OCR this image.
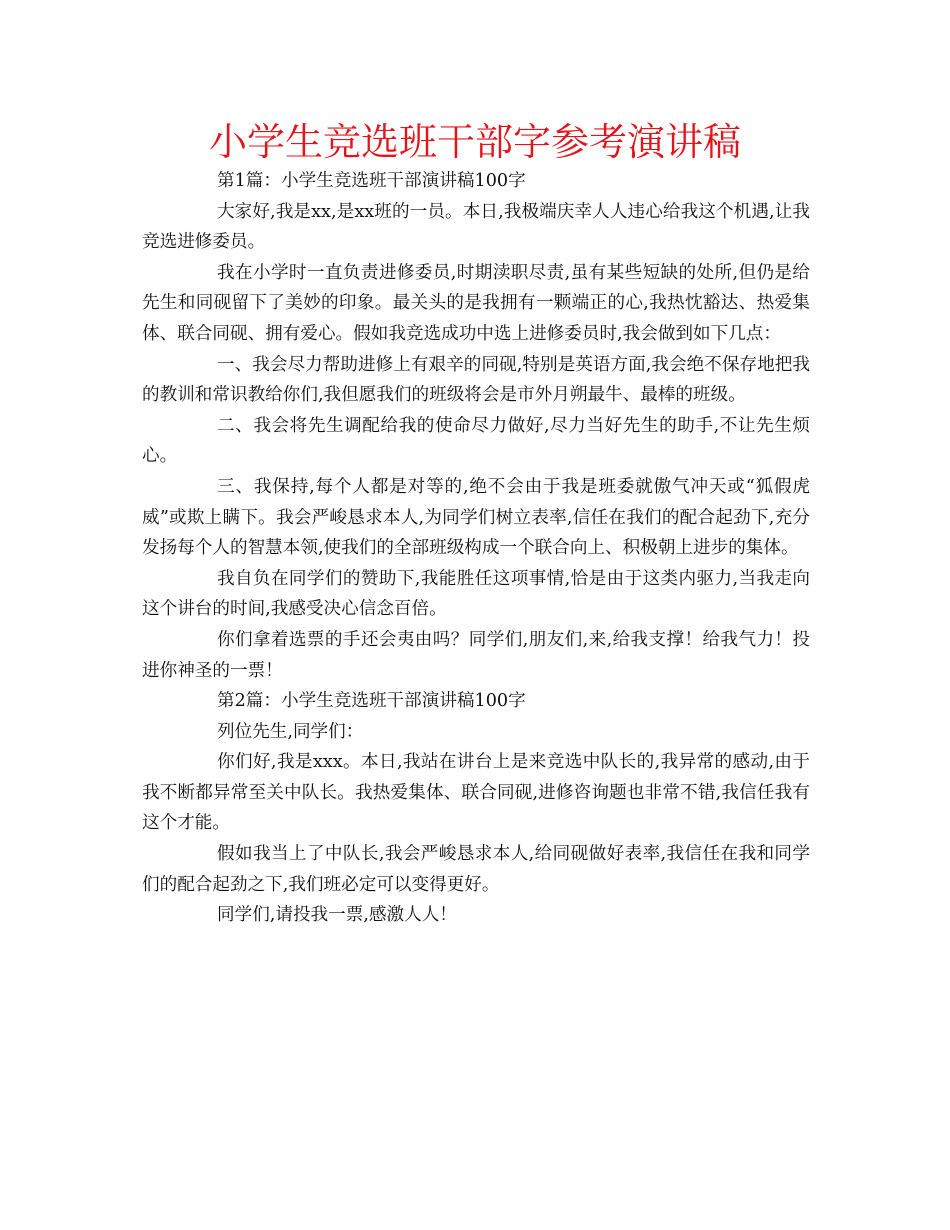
小学生竞选班干部字参考演讲稿

第1篇：小学生竞选班干部演讲稿100字

大家好,我是xx,是xx班的一员。本日,我极端庆幸人人违心给我这个机遇,让我竞选进修委员。

我在小学时一直负责进修委员,时期渎职尽责,虽有某些短缺的处所,但仍是给先生和同砚留下了美妙的印象。最关头的是我拥有一颗端正的心,我热忱豁达、热爱集体、联合同砚、拥有爱心。假如我竞选成功中选上进修委员时,我会做到如下几点：

一、我会尽力帮助进修上有艰辛的同砚,特别是英语方面,我会绝不保存地把我的教训和常识教给你们,我但愿我们的班级将会是市外月朔最牛、最棒的班级。

二、我会将先生调配给我的使命尽力做好,尽力当好先生的助手,不让先生烦心。

三、我保持,每个人都是对等的,绝不会由于我是班委就傲气冲天或“狐假虎威”或欺上瞒下。我会严峻恳求本人,为同学们树立表率,信任在我们的配合起劲下,充分发扬每个人的智慧本领,使我们的全部班级构成一个联合向上、积极朝上进步的集体。

我自负在同学们的赞助下,我能胜任这项事情,恰是由于这类内驱力,当我走向这个讲台的时间,我感受决心信念百倍。

你们拿着选票的手还会夷由吗？同学们,朋友们,来,给我支撑！给我气力！投进你神圣的一票！

第2篇：小学生竞选班干部演讲稿100字

列位先生,同学们：

你们好,我是xxx。本日,我站在讲台上是来竞选中队长的,我异常的感动,由于我不断都异常至关中队长。我热爱集体、联合同砚,进修咨询题也非常不错,我信任我有这个才能。

假如我当上了中队长,我会严峻恳求本人,给同砚做好表率,我信任在我和同学们的配合起劲之下,我们班必定可以变得更好。

同学们,请投我一票,感激人人！
